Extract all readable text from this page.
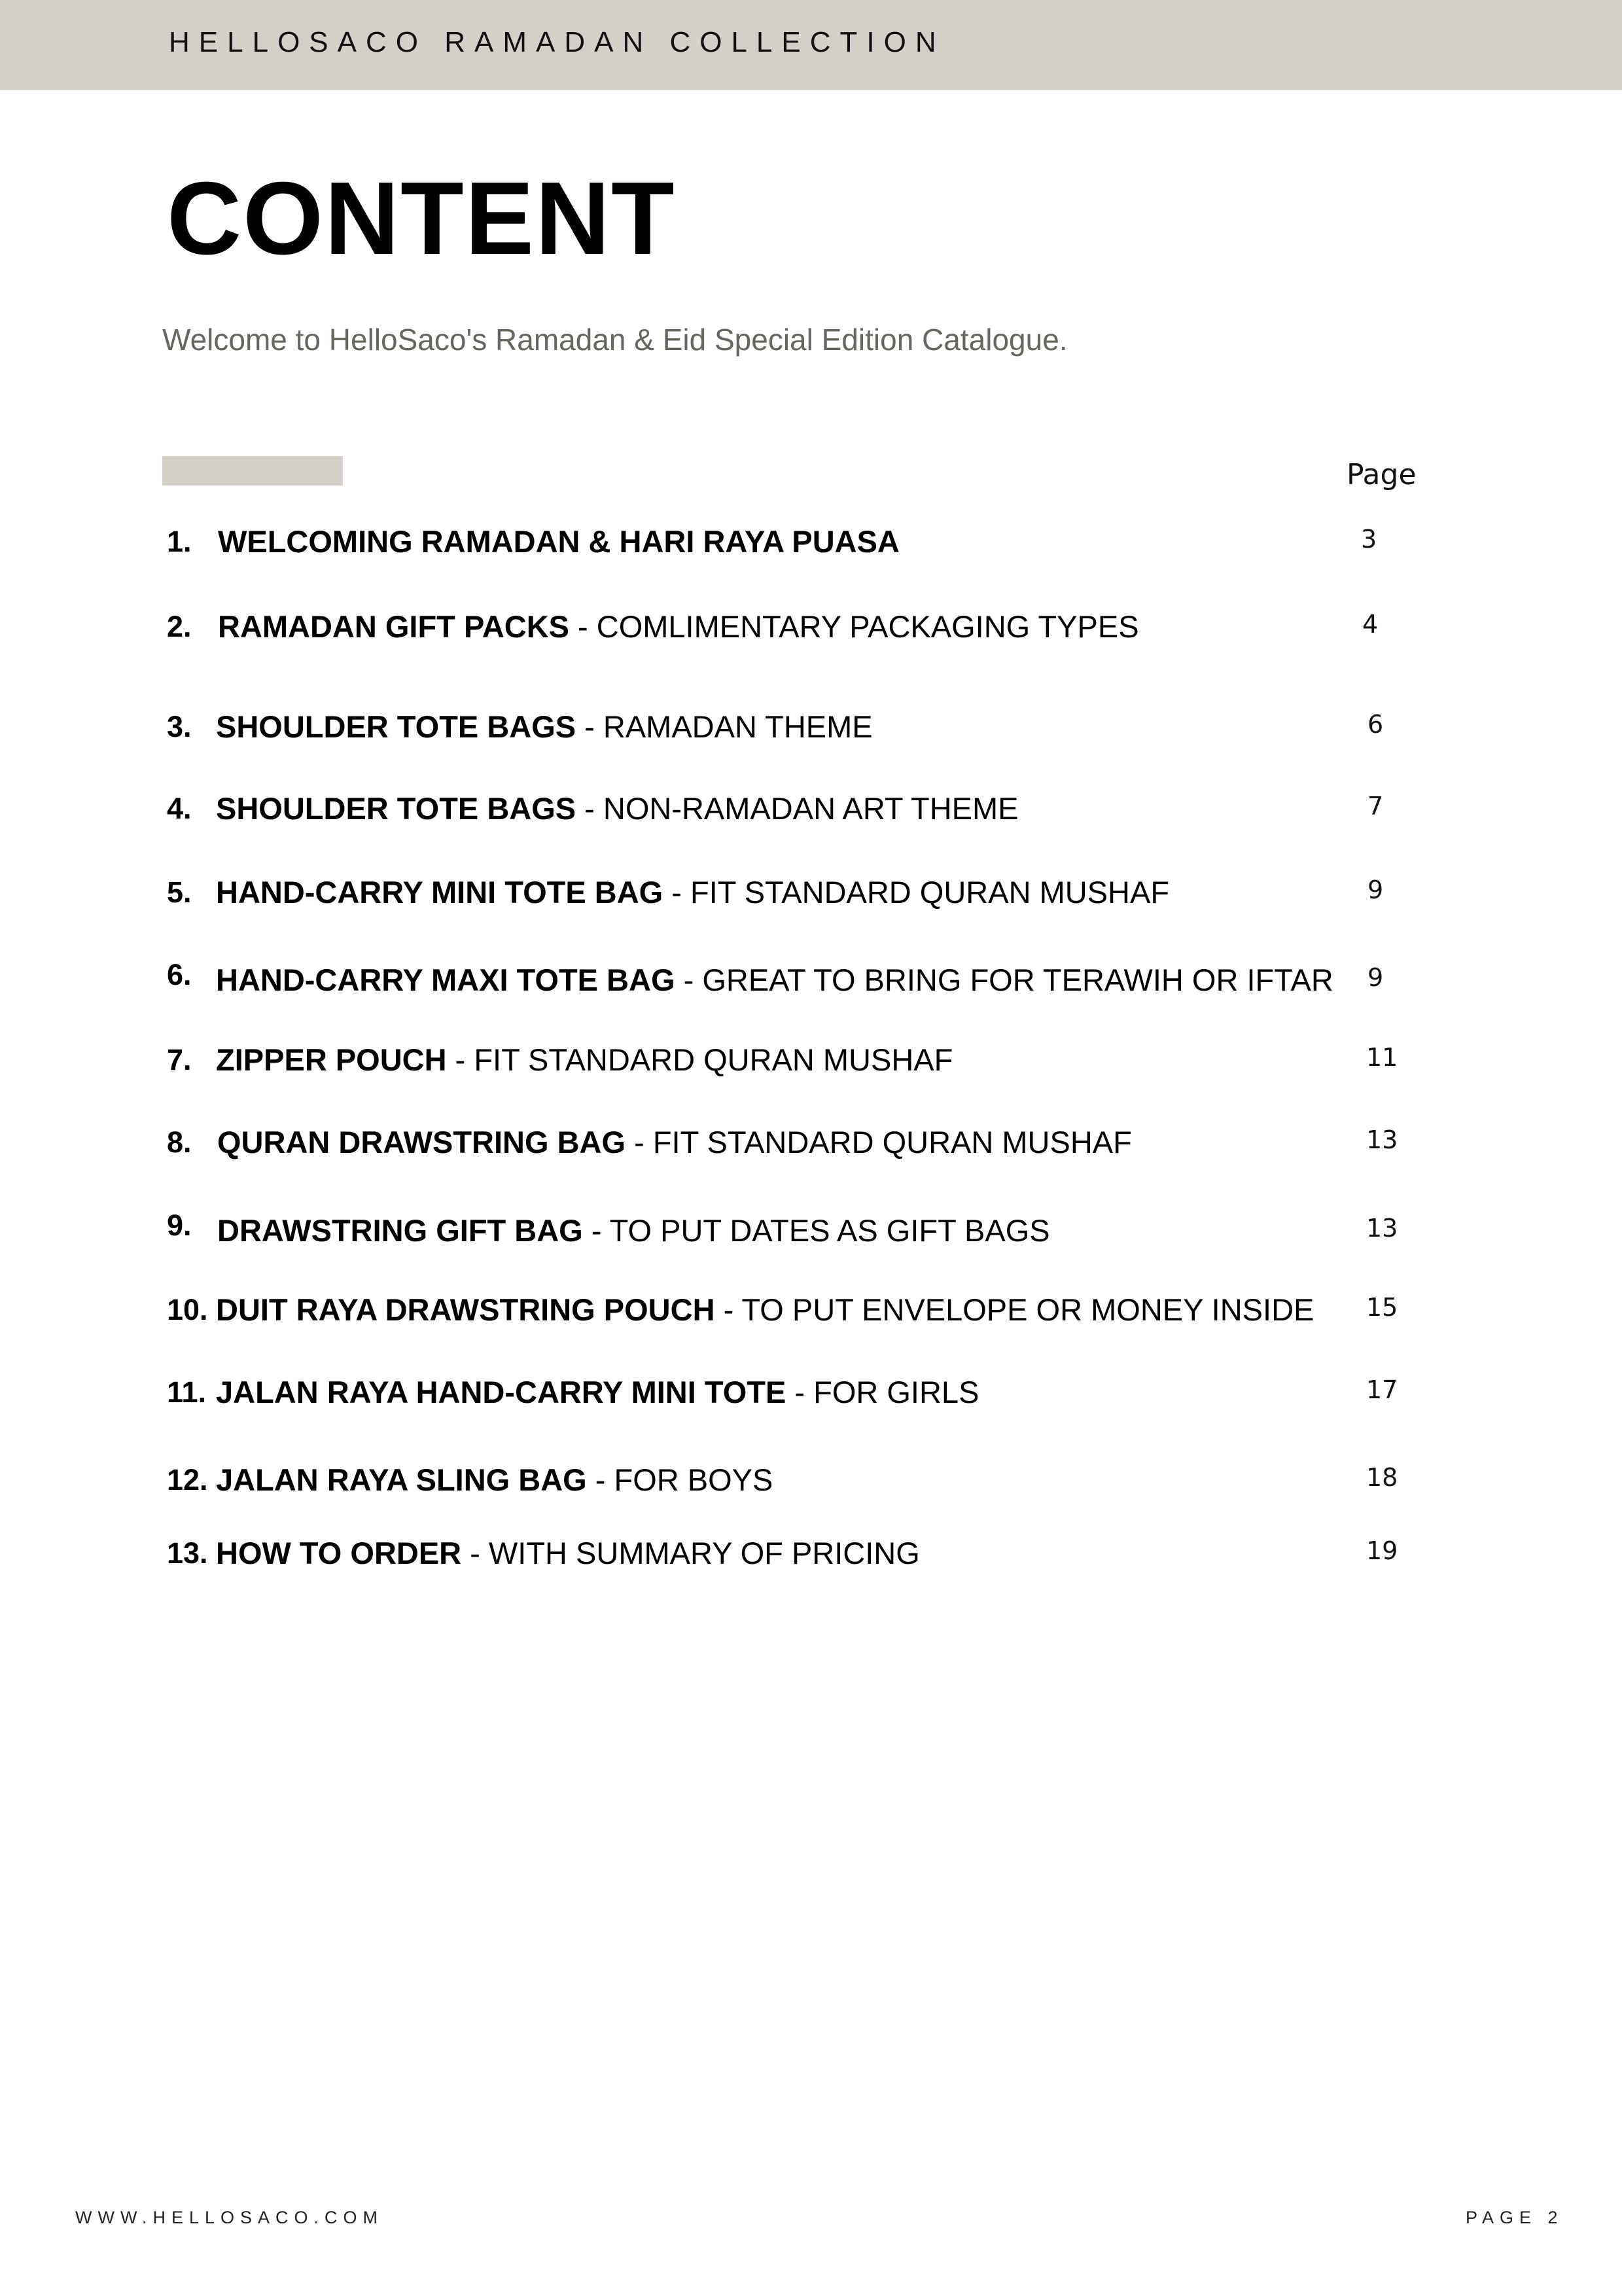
HELLOSACO RAMADAN COLLECTION
CONTENT
Welcome to HelloSaco's Ramadan & Eid Special Edition Catalogue.
Page
1. WELCOMING RAMADAN & HARI RAYA PUASA	3
2. RAMADAN GIFT PACKS - COMLIMENTARY PACKAGING TYPES	4
3. SHOULDER TOTE BAGS - RAMADAN THEME	6
4. SHOULDER TOTE BAGS - NON-RAMADAN ART THEME	7
5. HAND-CARRY MINI TOTE BAG - FIT STANDARD QURAN MUSHAF	9
6. HAND-CARRY MAXI TOTE BAG - GREAT TO BRING FOR TERAWIH OR IFTAR 9
7. ZIPPER POUCH - FIT STANDARD QURAN MUSHAF	11
8. QURAN DRAWSTRING BAG - FIT STANDARD QURAN MUSHAF	13
9. DRAWSTRING GIFT BAG - TO PUT DATES AS GIFT BAGS	13
10. DUIT RAYA DRAWSTRING POUCH - TO PUT ENVELOPE OR MONEY INSIDE 15
11. JALAN RAYA HAND-CARRY MINI TOTE - FOR GIRLS	17
12. JALAN RAYA SLING BAG - FOR BOYS	18
13. HOW TO ORDER - WITH SUMMARY OF PRICING	19
WWW.HELLOSACO.COM	PAGE 2
